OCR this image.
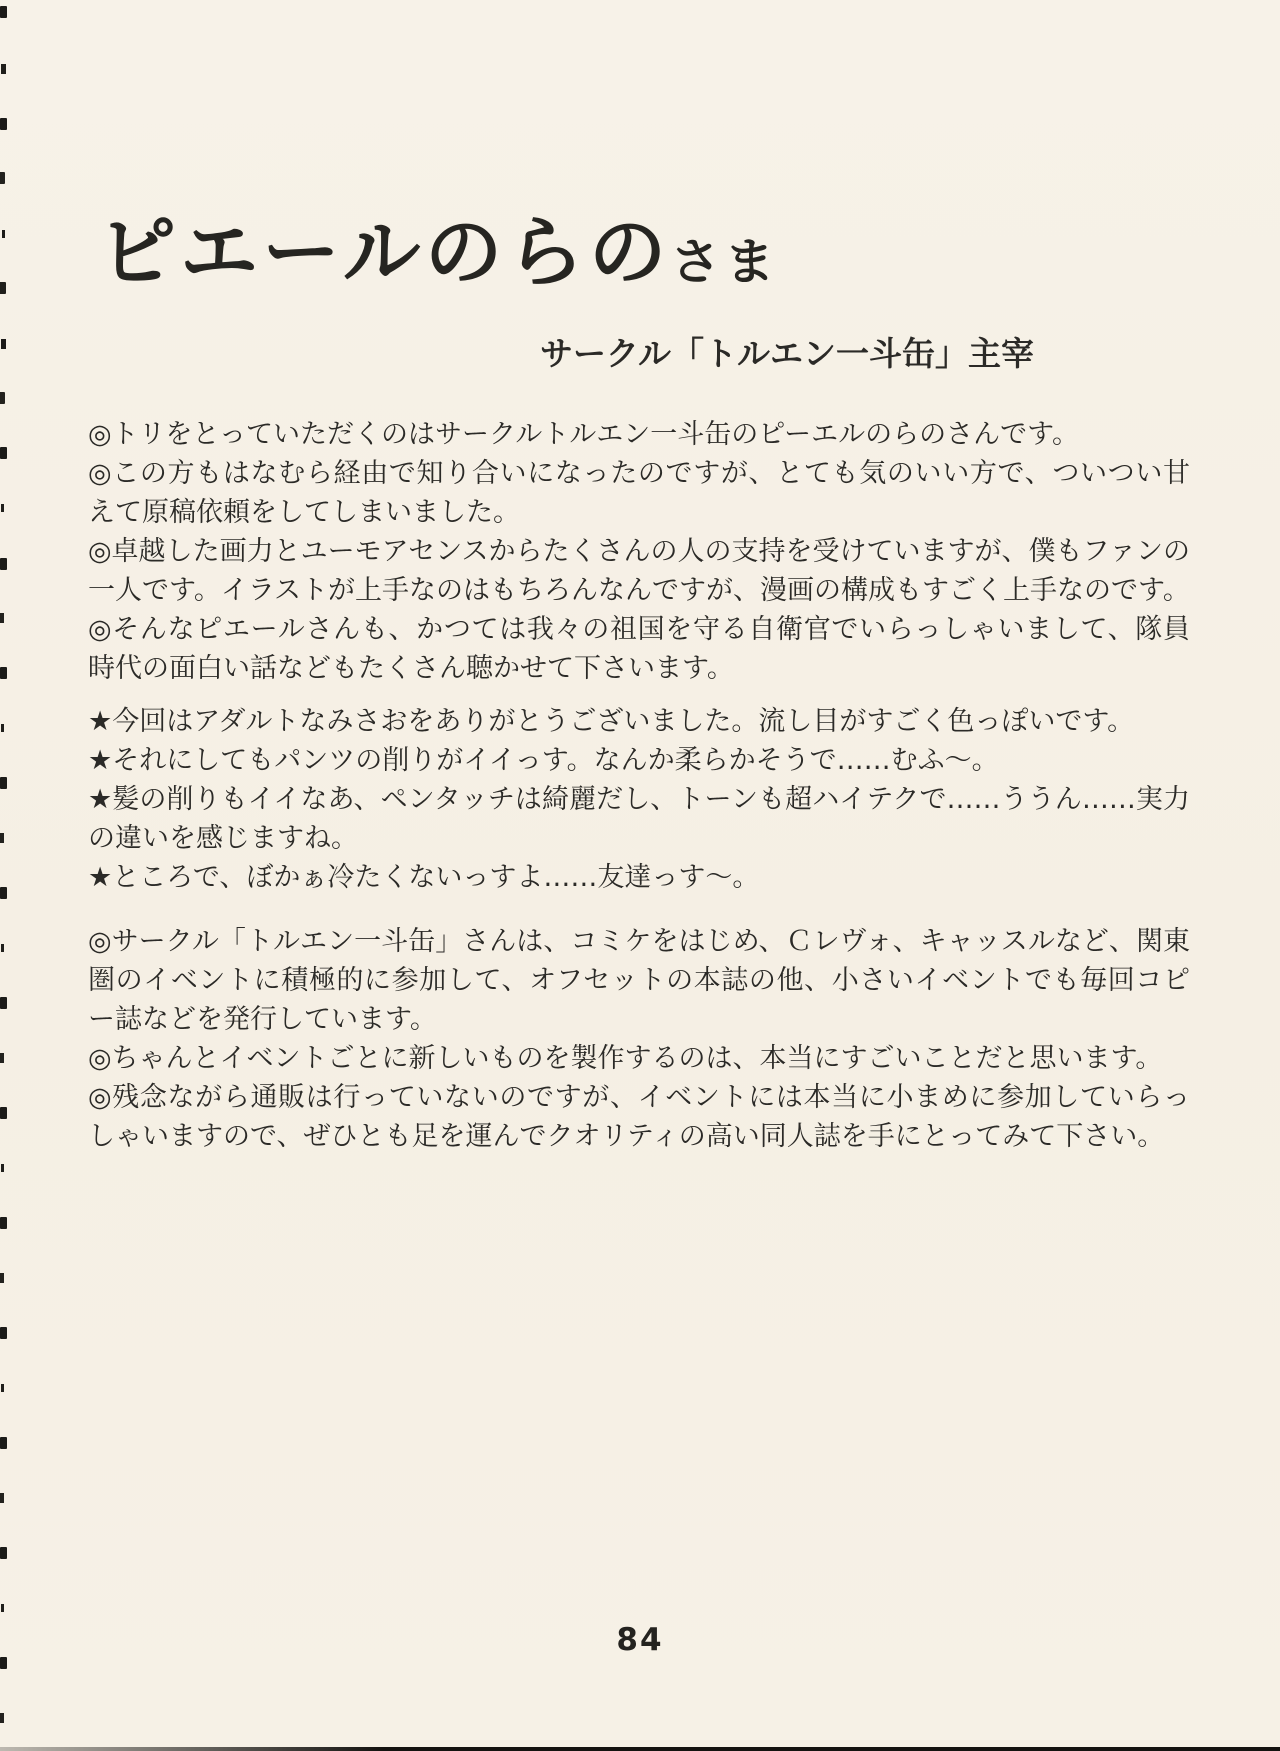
ピエールのらのさま
サークル「トルエン一斗缶」主宰

◎トリをとっていただくのはサークルトルエン一斗缶のピーエルのらのさんです。

◎この方もはなむら経由で知り合いになったのですが、とても気のいい方で、ついつい甘えて原稿依頼をしてしまいました。

◎卓越した画力とユーモアセンスからたくさんの人の支持を受けていますが、僕もファンの一人です。イラストが上手なのはもちろんなんですが、漫画の構成もすごく上手なのです。

◎そんなピエールさんも、かつては我々の祖国を守る自衛官でいらっしゃいまして、隊員時代の面白い話などもたくさん聴かせて下さいます。

★今回はアダルトなみさおをありがとうございました。流し目がすごく色っぽいです。

★それにしてもパンツの削りがイイっす。なんか柔らかそうで……むふ〜。

★髪の削りもイイなあ、ペンタッチは綺麗だし、トーンも超ハイテクで……ううん……実力の違いを感じますね。

★ところで、ぼかぁ冷たくないっすよ……友達っす〜。

◎サークル「トルエン一斗缶」さんは、コミケをはじめ、Ｃレヴォ、キャッスルなど、関東圏のイベントに積極的に参加して、オフセットの本誌の他、小さいイベントでも毎回コピー誌などを発行しています。

◎ちゃんとイベントごとに新しいものを製作するのは、本当にすごいことだと思います。

◎残念ながら通販は行っていないのですが、イベントには本当に小まめに参加していらっしゃいますので、ぜひとも足を運んでクオリティの高い同人誌を手にとってみて下さい。

84
